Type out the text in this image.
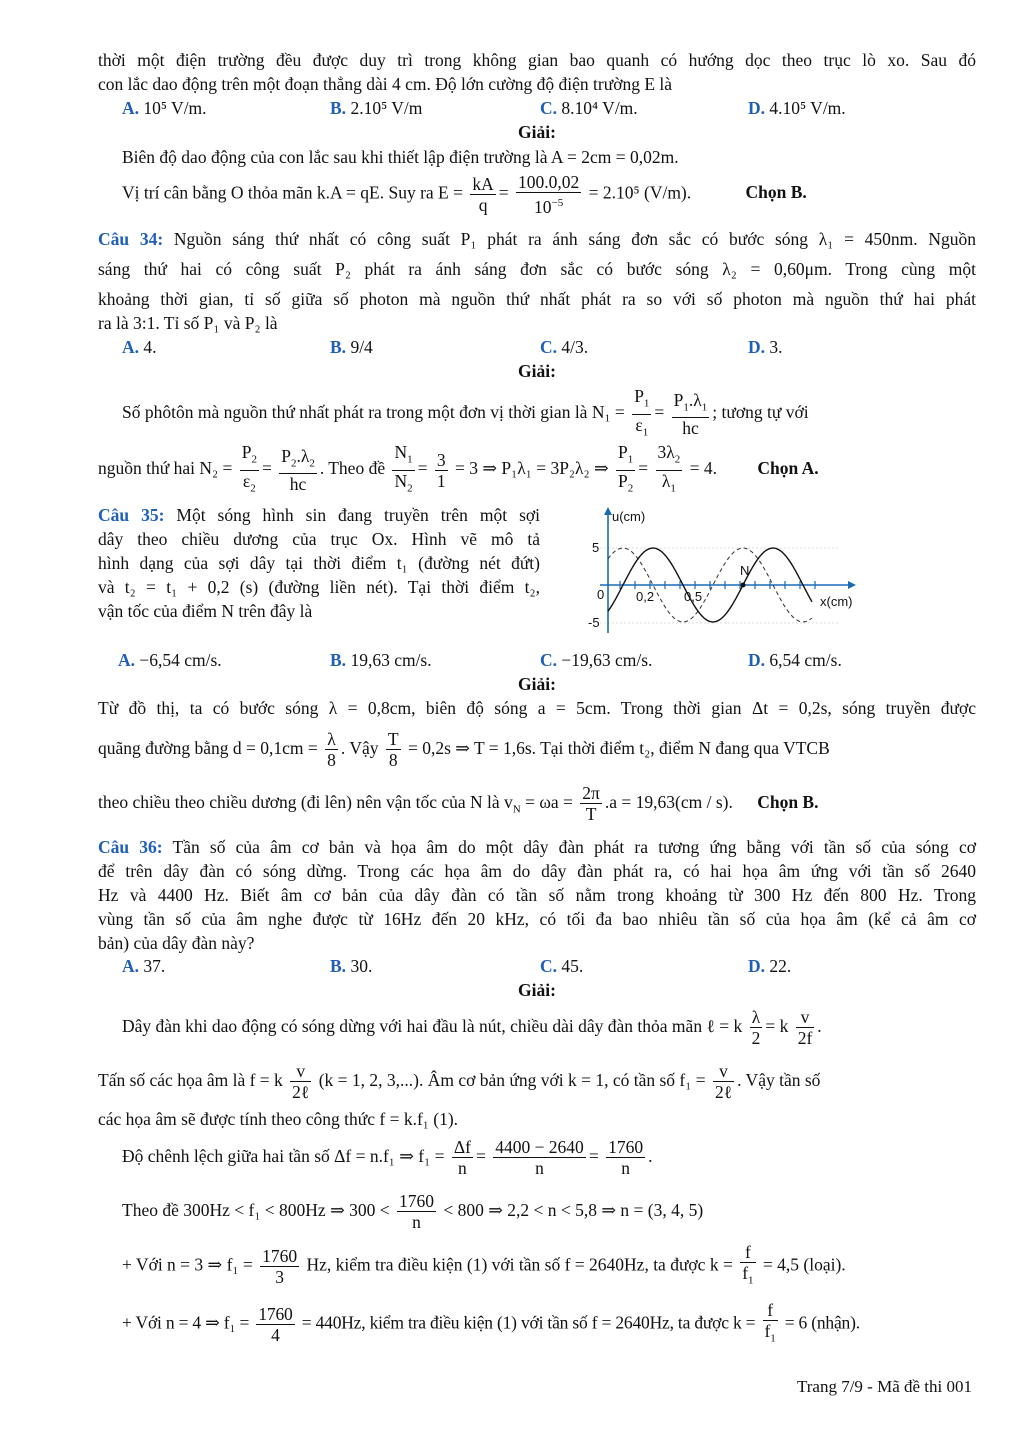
thời một điện trường đều được duy trì trong không gian bao quanh có hướng dọc theo trục lò xo. Sau đó
con lắc dao động trên một đoạn thẳng dài 4 cm. Độ lớn cường độ điện trường E là
A. 10⁵ V/m.	B. 2.10⁵ V/m	C. 8.10⁴ V/m.	D. 4.10⁵ V/m.
Giải:
Biên độ dao động của con lắc sau khi thiết lập điện trường là A = 2cm = 0,02m.
Vị trí cân bằng O thỏa mãn k.A = qE. Suy ra $E = \frac{kA}{q} = \frac{100.0,02}{10^{-5}} = 2.10^5$ (V/m).	Chọn B.
Câu 34: Nguồn sáng thứ nhất có công suất P₁ phát ra ánh sáng đơn sắc có bước sóng λ₁ = 450nm. Nguồn
sáng thứ hai có công suất P₂ phát ra ánh sáng đơn sắc có bước sóng λ₂ = 0,60μm. Trong cùng một
khoảng thời gian, tỉ số giữa số photon mà nguồn thứ nhất phát ra so với số photon mà nguồn thứ hai phát
ra là 3:1. Tỉ số P₁ và P₂ là
A. 4.	B. 9/4	C. 4/3.	D. 3.
Giải:
Số phôtôn mà nguồn thứ nhất phát ra trong một đơn vị thời gian là $N_1 = \frac{P_1}{\varepsilon_1} = \frac{P_1.\lambda_1}{hc}$ ; tương tự với
nguồn thứ hai $N_2 = \frac{P_2}{\varepsilon_2} = \frac{P_2.\lambda_2}{hc}$ . Theo đề $\frac{N_1}{N_2} = \frac{3}{1} = 3$ ⇒ P₁λ₁ = 3P₂λ₂ ⇒ $\frac{P_1}{P_2} = \frac{3\lambda_2}{\lambda_1} = 4$. Chọn A.
Câu 35: Một sóng hình sin đang truyền trên một sợi
dây theo chiều dương của trục Ox. Hình vẽ mô tả
hình dạng của sợi dây tại thời điểm t₁ (đường nét đứt)
và t₂ = t₁ + 0,2 (s) (đường liền nét). Tại thời điểm t₂,
vận tốc của điểm N trên đây là
u(cm)
x(cm)
5
-5
0 0,2 0,5
N
A. −6,54 cm/s.	B. 19,63 cm/s.	C. −19,63 cm/s.	D. 6,54 cm/s.
Giải:
Từ đồ thị, ta có bước sóng λ = 0,8cm, biên độ sóng a = 5cm. Trong thời gian Δt = 0,2s, sóng truyền được
quãng đường bằng $d = 0,1cm = \frac{\lambda}{8}$ . Vậy $\frac{T}{8} = 0,2s$ ⇒ T = 1,6s. Tại thời điểm t₂, điểm N đang qua VTCB
theo chiều theo chiều dương (đi lên) nên vận tốc của N là $v_N = \omega a = \frac{2\pi}{T} .a = 19,63(cm / s)$. Chọn B.
Câu 36: Tần số của âm cơ bản và họa âm do một dây đàn phát ra tương ứng bằng với tần số của sóng cơ
để trên dây đàn có sóng dừng. Trong các họa âm do dây đàn phát ra, có hai họa âm ứng với tần số 2640
Hz và 4400 Hz. Biết âm cơ bản của dây đàn có tần số nằm trong khoảng từ 300 Hz đến 800 Hz. Trong
vùng tần số của âm nghe được từ 16Hz đến 20 kHz, có tối đa bao nhiêu tần số của họa âm (kể cả âm cơ
bản) của dây đàn này?
A. 37.	B. 30.	C. 45.	D. 22.
Giải:
Dây đàn khi dao động có sóng dừng với hai đầu là nút, chiều dài dây đàn thỏa mãn ℓ = k $\frac{\lambda}{2} = k \frac{v}{2f}$ .
Tấn số các họa âm là f = k v
2ℓ
(k = 1, 2, 3,...). Âm cơ bản ứng với k = 1, có tần số f₁ = v
2ℓ
. Vậy tần số
các họa âm sẽ được tính theo công thức f = k.f₁ (1).
Độ chênh lệch giữa hai tần số Δf = n.f₁ ⇒ $f_1 = \frac{\Delta f}{n} = \frac{4400 - 2640}{n} = \frac{1760}{n}$ .
Theo đề 300Hz < f₁ < 800Hz ⇒ $300 < \frac{1760}{n} < 800$ ⇒ 2,2 < n < 5,8 ⇒ n = (3, 4, 5)
+ Với n = 3 ⇒ $f_1 = \frac{1760}{3} Hz$, kiểm tra điều kiện (1) với tần số f = 2640Hz, ta được $k = \frac{f}{f_1} = 4,5$ (loại).
+ Với n = 4 ⇒ $f_1 = \frac{1760}{4} = 440Hz$, kiểm tra điều kiện (1) với tần số f = 2640Hz, ta được $k = \frac{f}{f_1} = 6$ (nhận).
Trang 7/9 - Mã đề thi 001
